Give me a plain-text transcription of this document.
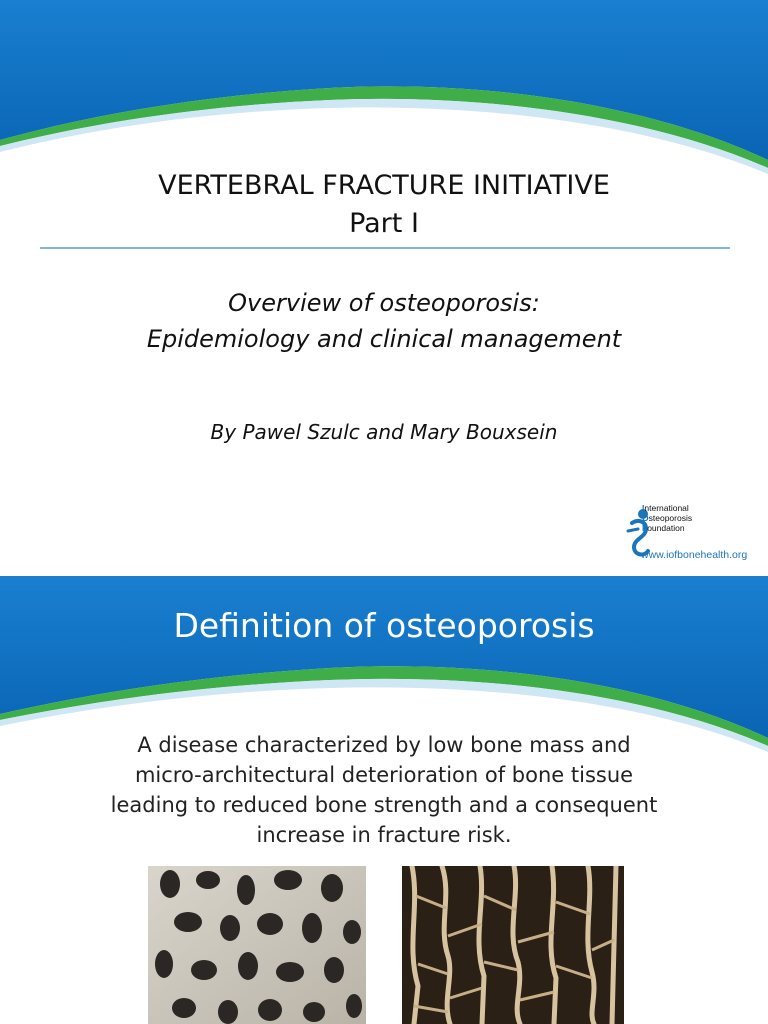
VERTEBRAL FRACTURE INITIATIVE
Part I
Overview of osteoporosis:
Epidemiology and clinical management
By Pawel Szulc and Mary Bouxsein
International
Osteoporosis
Foundation
www.iofbonehealth.org
Definition of osteoporosis
A disease characterized by low bone mass and
micro-architectural deterioration of bone tissue
leading to reduced bone strength and a consequent
increase in fracture risk.
